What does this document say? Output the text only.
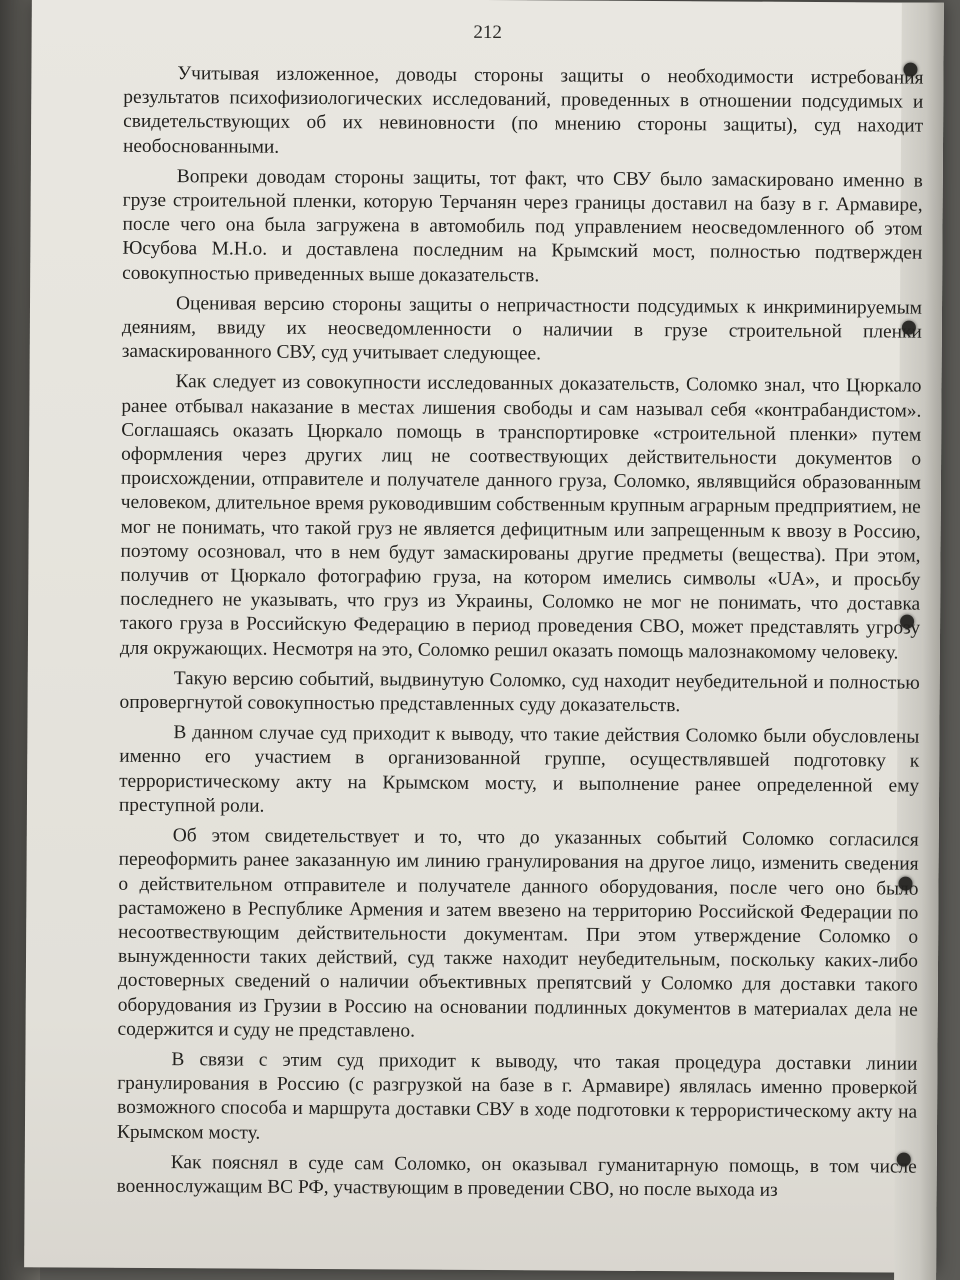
212

Учитывая изложенное, доводы стороны защиты о необходимости истребования результатов психофизиологических исследований, проведенных в отношении подсудимых и свидетельствующих об их невиновности (по мнению стороны защиты), суд находит необоснованными.

Вопреки доводам стороны защиты, тот факт, что СВУ было замаскировано именно в грузе строительной пленки, которую Терчанян через границы доставил на базу в г. Армавире, после чего она была загружена в автомобиль под управлением неосведомленного об этом Юсубова М.Н.о. и доставлена последним на Крымский мост, полностью подтвержден совокупностью приведенных выше доказательств.

Оценивая версию стороны защиты о непричастности подсудимых к инкриминируемым деяниям, ввиду их неосведомленности о наличии в грузе строительной пленки замаскированного СВУ, суд учитывает следующее.

Как следует из совокупности исследованных доказательств, Соломко знал, что Цюркало ранее отбывал наказание в местах лишения свободы и сам называл себя «контрабандистом». Соглашаясь оказать Цюркало помощь в транспортировке «строительной пленки» путем оформления через других лиц не соотвествующих действительности документов о происхождении, отправителе и получателе данного груза, Соломко, являвщийся образованным человеком, длительное время руководившим собственным крупным аграрным предприятием, не мог не понимать, что такой груз не является дефицитным или запрещенным к ввозу в Россию, поэтому осознoвал, что в нем будут замаскированы другие предметы (вещества). При этом, получив от Цюркало фотографию груза, на котором имелись символы «UA», и просьбу последнего не указывать, что груз из Украины, Соломко не мог не понимать, что доставка такого груза в Российскую Федерацию в период проведения СВО, может представлять угрозу для окружающих. Несмотря на это, Соломко решил оказать помощь малознакомому человеку.

Такую версию событий, выдвинутую Соломко, суд находит неубедительной и полностью опровергнутой совокупностью представленных суду доказательств.

В данном случае суд приходит к выводу, что такие действия Соломко были обусловлены именно его участием в организованной группе, осуществлявшей подготовку к террористическому акту на Крымском мосту, и выполнение ранее определенной ему преступной роли.

Об этом свидетельствует и то, что до указанных событий Соломко согласился переоформить ранее заказанную им линию гранулирования на другое лицо, изменить сведения о действительном отправителе и получателе данного оборудования, после чего оно было растаможено в Республике Армения и затем ввезено на территорию Российской Федерации по несоотвествующим действительности документам. При этом утверждение Соломко о вынужденности таких действий, суд также находит неубедительным, поскольку каких-либо достоверных сведений о наличии объективных препятсвий у Соломко для доставки такого оборудования из Грузии в Россию на основании подлинных документов в материалах дела не содержится и суду не представлено.

В связи с этим суд приходит к выводу, что такая процедура доставки линии гранулирования в Россию (с разгрузкой на базе в г. Армавире) являлась именно проверкой возможного способа и маршрута доставки СВУ в ходе подготовки к террористическому акту на Крымском мосту.

Как пояснял в суде сам Соломко, он оказывал гуманитарную помощь, в том числе военнослужащим ВС РФ, участвующим в проведении СВО, но после выхода из
